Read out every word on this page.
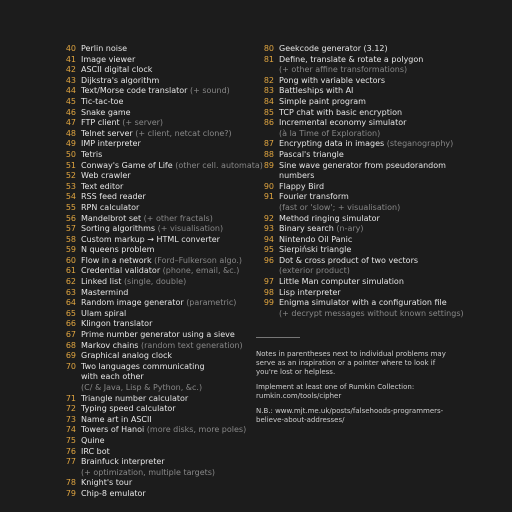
40 Perlin noise
41 Image viewer
42 ASCII digital clock
43 Dijkstra's algorithm
44 Text/Morse code translator (+ sound)
45 Tic-tac-toe
46 Snake game
47 FTP client (+ server)
48 Telnet server (+ client, netcat clone?)
49 IMP interpreter
50 Tetris
51 Conway's Game of Life (other cell. automata)
52 Web crawler
53 Text editor
54 RSS feed reader
55 RPN calculator
56 Mandelbrot set (+ other fractals)
57 Sorting algorithms (+ visualisation)
58 Custom markup → HTML converter
59 N queens problem
60 Flow in a network (Ford–Fulkerson algo.)
61 Credential validator (phone, email, &c.)
62 Linked list (single, double)
63 Mastermind
64 Random image generator (parametric)
65 Ulam spiral
66 Klingon translator
67 Prime number generator using a sieve
68 Markov chains (random text generation)
69 Graphical analog clock
70 Two languages communicating
with each other
(C/ & Java, Lisp & Python, &c.)
71 Triangle number calculator
72 Typing speed calculator
73 Name art in ASCII
74 Towers of Hanoi (more disks, more poles)
75 Quine
76 IRC bot
77 Brainfuck interpreter
(+ optimization, multiple targets)
78 Knight's tour
79 Chip-8 emulator
80 Geekcode generator (3.12)
81 Define, translate & rotate a polygon
(+ other affine transformations)
82 Pong with variable vectors
83 Battleships with AI
84 Simple paint program
85 TCP chat with basic encryption
86 Incremental economy simulator
(à la Time of Exploration)
87 Encrypting data in images (steganography)
88 Pascal's triangle
89 Sine wave generator from pseudorandom
numbers
90 Flappy Bird
91 Fourier transform
(fast or 'slow'; + visualisation)
92 Method ringing simulator
93 Binary search (n-ary)
94 Nintendo Oil Panic
95 Sierpiński triangle
96 Dot & cross product of two vectors
(exterior product)
97 Little Man computer simulation
98 Lisp interpreter
99 Enigma simulator with a configuration file
(+ decrypt messages without known settings)
Notes in parentheses next to individual problems may serve as an inspiration or a pointer where to look if you're lost or helpless.
Implement at least one of Rumkin Collection: rumkin.com/tools/cipher
N.B.: www.mjt.me.uk/posts/falsehoods-programmers-believe-about-addresses/
